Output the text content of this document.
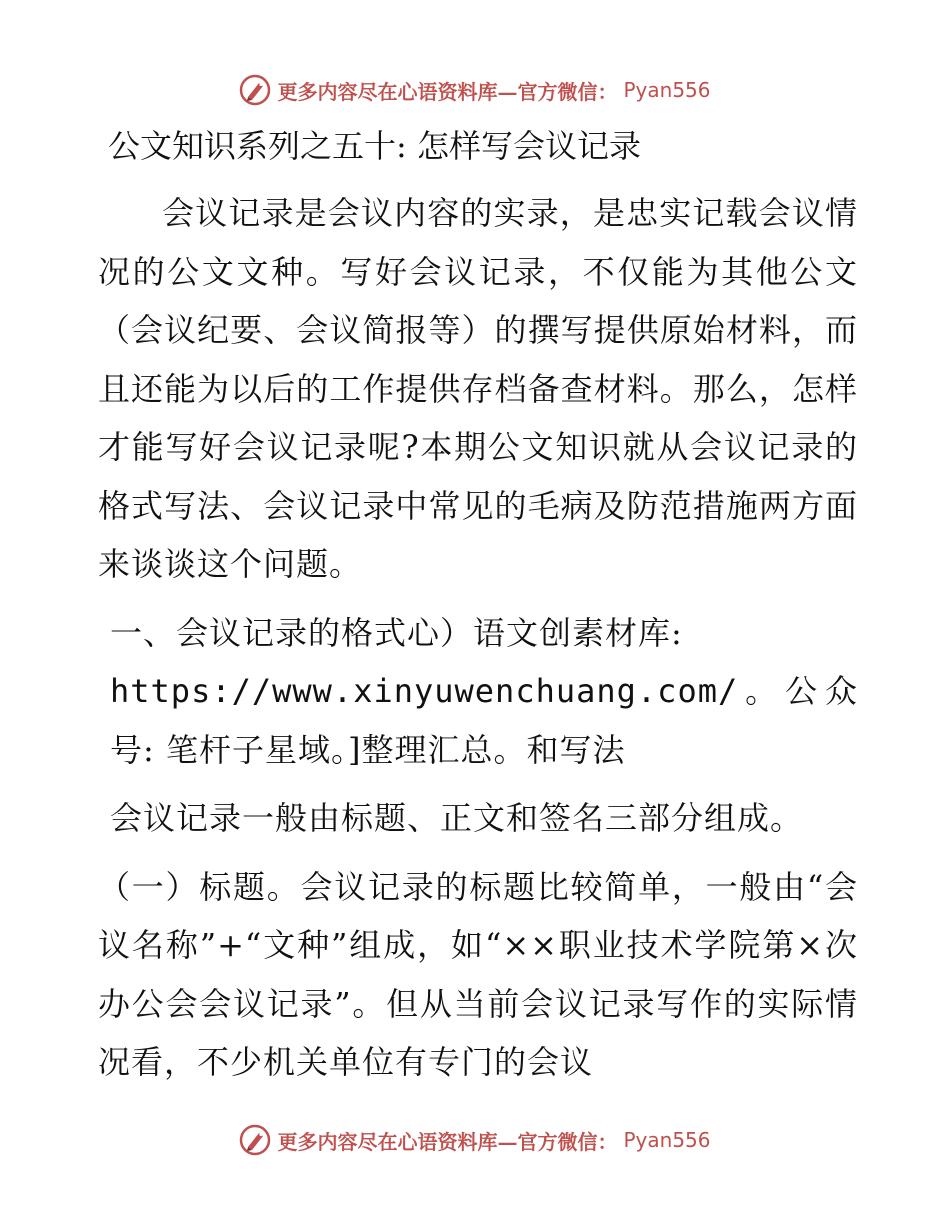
更多内容尽在心语资料库—官方微信： Pyan556
公文知识系列之五十: 怎样写会议记录

会议记录是会议内容的实录，是忠实记载会议情况的公文文种。写好会议记录，不仅能为其他公文（会议纪要、会议简报等）的撰写提供原始材料，而且还能为以后的工作提供存档备查材料。那么，怎样才能写好会议记录呢?本期公文知识就从会议记录的格式写法、会议记录中常见的毛病及防范措施两方面来谈谈这个问题。

一、会议记录的格式心）语文创素材库:
https://www.xinyuwenchuang.com/。公众号: 笔杆子星域。]整理汇总。和写法

会议记录一般由标题、正文和签名三部分组成。

（一）标题。会议记录的标题比较简单，一般由“会议名称”+“文种”组成，如“××职业技术学院第×次办公会会议记录”。但从当前会议记录写作的实际情况看，不少机关单位有专门的会议

更多内容尽在心语资料库—官方微信： Pyan556
